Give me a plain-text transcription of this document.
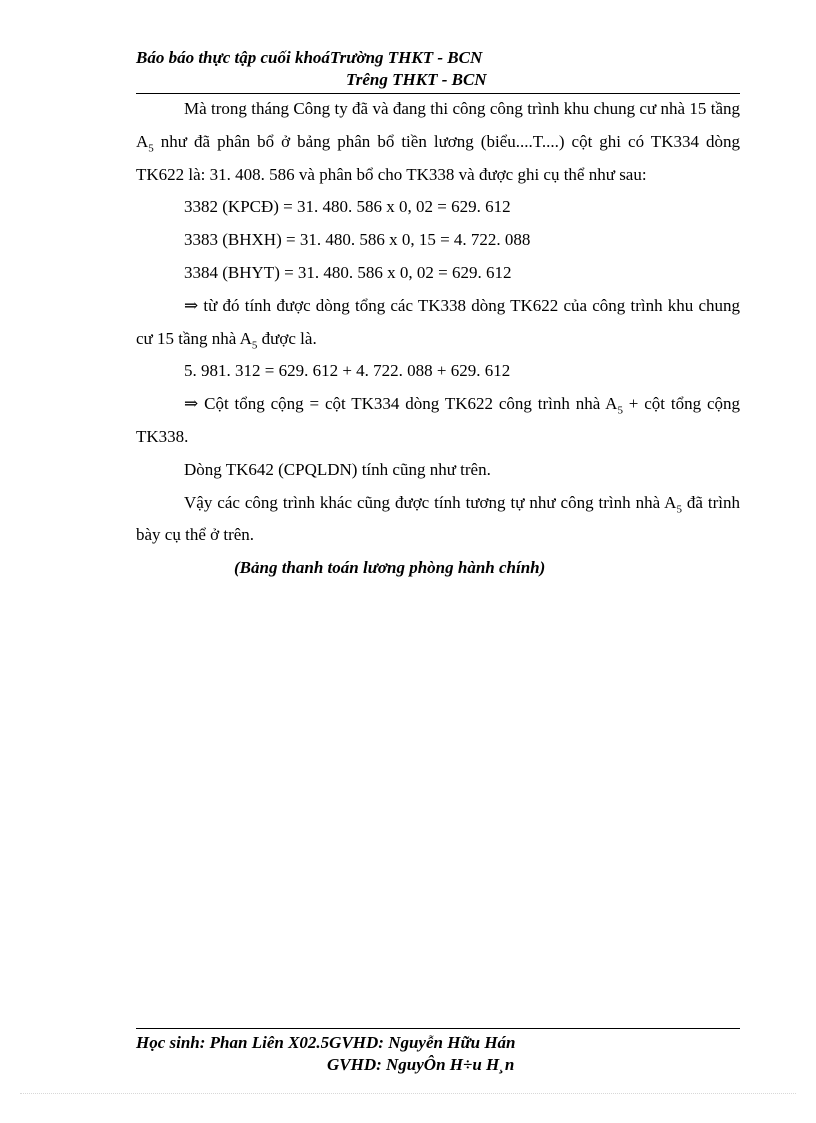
Báo báo thực tập cuối khoáTrường THKT - BCN
Trêng THKT - BCN

Mà trong tháng Công ty đã và đang thi công công trình khu chung cư nhà 15 tầng $A_5$ như đã phân bổ ở bảng phân bổ tiền lương (biểu....T....) cột ghi có TK334 dòng TK622 là: 31. 408. 586 và phân bổ cho TK338 và được ghi cụ thể như sau:

3382 (KPCĐ) = 31. 480. 586 x 0, 02 = 629. 612

3383 (BHXH) = 31. 480. 586 x 0, 15 = 4. 722. 088

3384 (BHYT) = 31. 480. 586 x 0, 02 = 629. 612

⇒ từ đó tính được dòng tổng các TK338 dòng TK622 của công trình khu chung cư 15 tầng nhà $A_5$ được là.

5. 981. 312 = 629. 612 + 4. 722. 088 + 629. 612

⇒ Cột tổng cộng = cột TK334 dòng TK622 công trình nhà $A_5$ + cột tổng cộng TK338.

Dòng TK642 (CPQLDN) tính cũng như trên.

Vậy các công trình khác cũng được tính tương tự như công trình nhà $A_5$ đã trình bày cụ thể ở trên.

(Bảng thanh toán lương phòng hành chính)

Học sinh: Phan Liên X02.5GVHD: Nguyễn Hữu Hán
GVHD: NguyÔn H÷u H¸n
